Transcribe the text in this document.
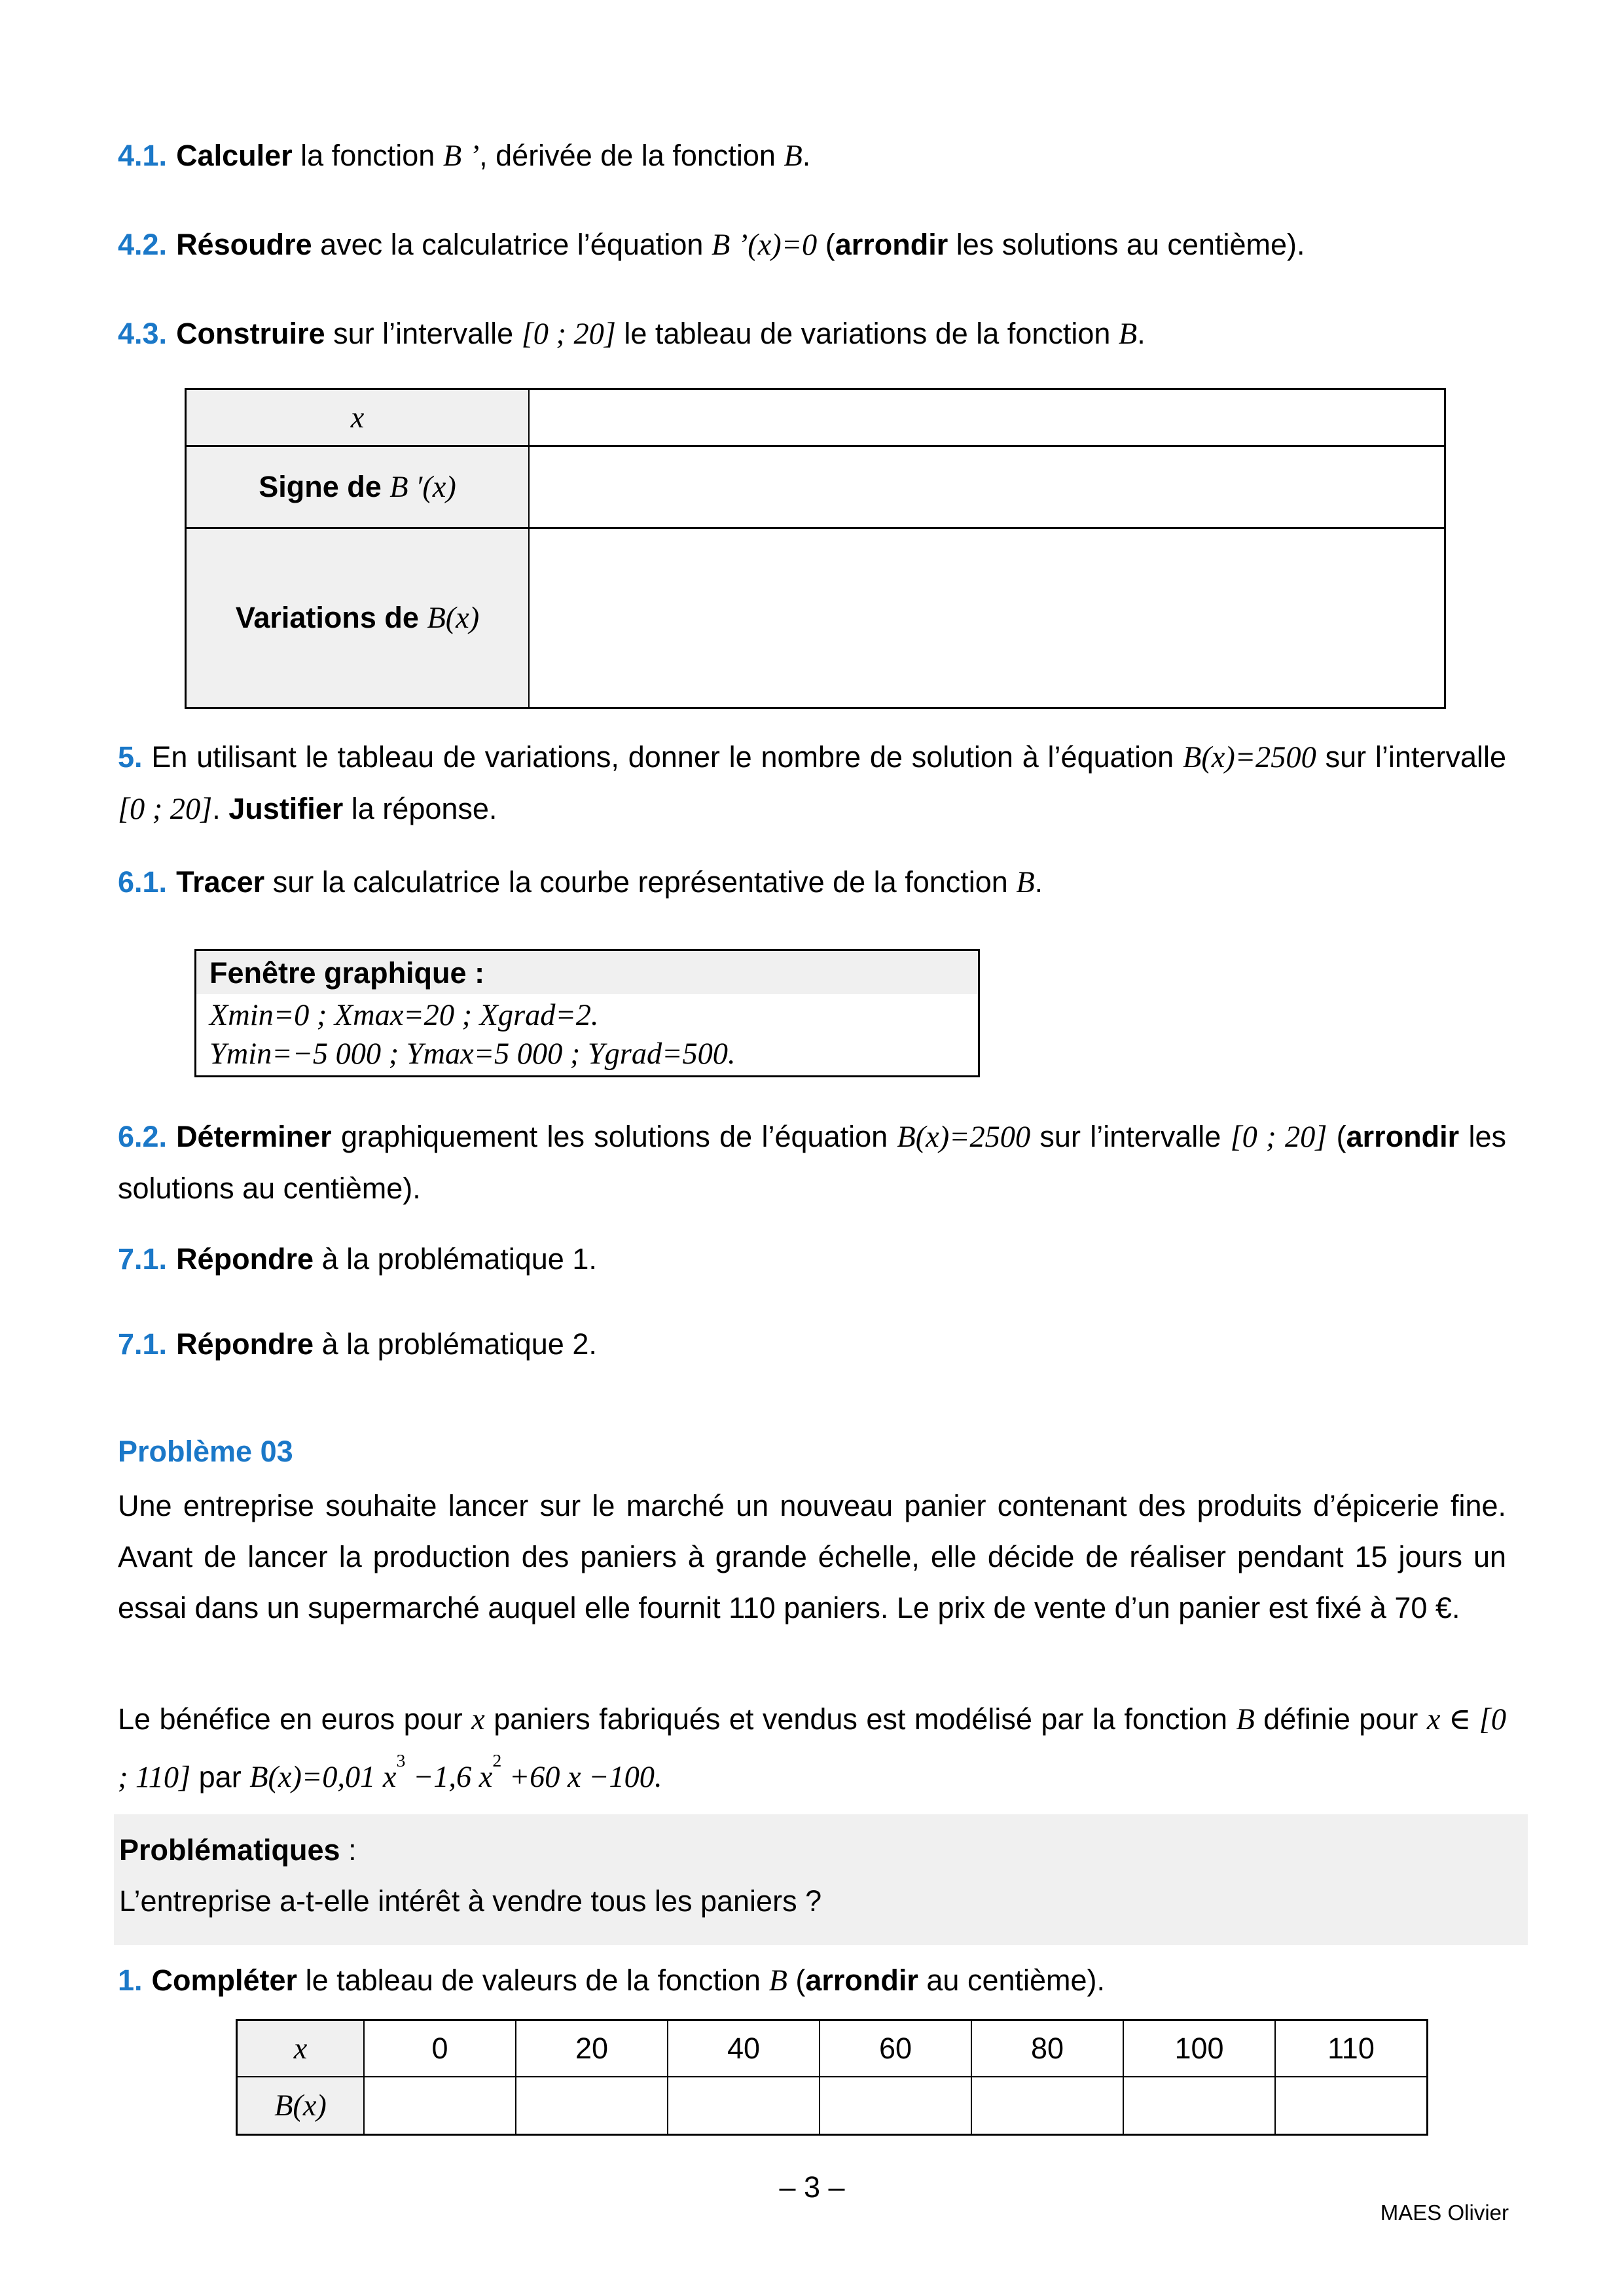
4.1. Calculer la fonction B ’, dérivée de la fonction B.
4.2. Résoudre avec la calculatrice l’équation B ’(x)=0 (arrondir les solutions au centième).
4.3. Construire sur l’intervalle [0 ; 20] le tableau de variations de la fonction B.
x	
Signe de B ′(x)	
Variations de B(x)	
5. En utilisant le tableau de variations, donner le nombre de solution à l’équation B(x)=2500 sur l’intervalle [0 ; 20]. Justifier la réponse.
6.1. Tracer sur la calculatrice la courbe représentative de la fonction B.
Fenêtre graphique :
Xmin=0 ; Xmax=20 ; Xgrad=2.
Ymin=−5 000 ; Ymax=5 000 ; Ygrad=500.
6.2. Déterminer graphiquement les solutions de l’équation B(x)=2500 sur l’intervalle [0 ; 20] (arrondir les solutions au centième).
7.1. Répondre à la problématique 1.
7.1. Répondre à la problématique 2.
Problème 03
Une entreprise souhaite lancer sur le marché un nouveau panier contenant des produits d’épicerie fine. Avant de lancer la production des paniers à grande échelle, elle décide de réaliser pendant 15 jours un essai dans un supermarché auquel elle fournit 110 paniers. Le prix de vente d’un panier est fixé à 70 €.
Le bénéfice en euros pour x paniers fabriqués et vendus est modélisé par la fonction B définie pour x ∈ [0 ; 110] par B(x)=0,01 $x^3 -1,6$ $x^2 +60$ x −100.
Problématiques :
L’entreprise a-t-elle intérêt à vendre tous les paniers ?
1. Compléter le tableau de valeurs de la fonction B (arrondir au centième).
x	0	20	40	60	80	100	110
B(x)							
– 3 –
MAES Olivier
